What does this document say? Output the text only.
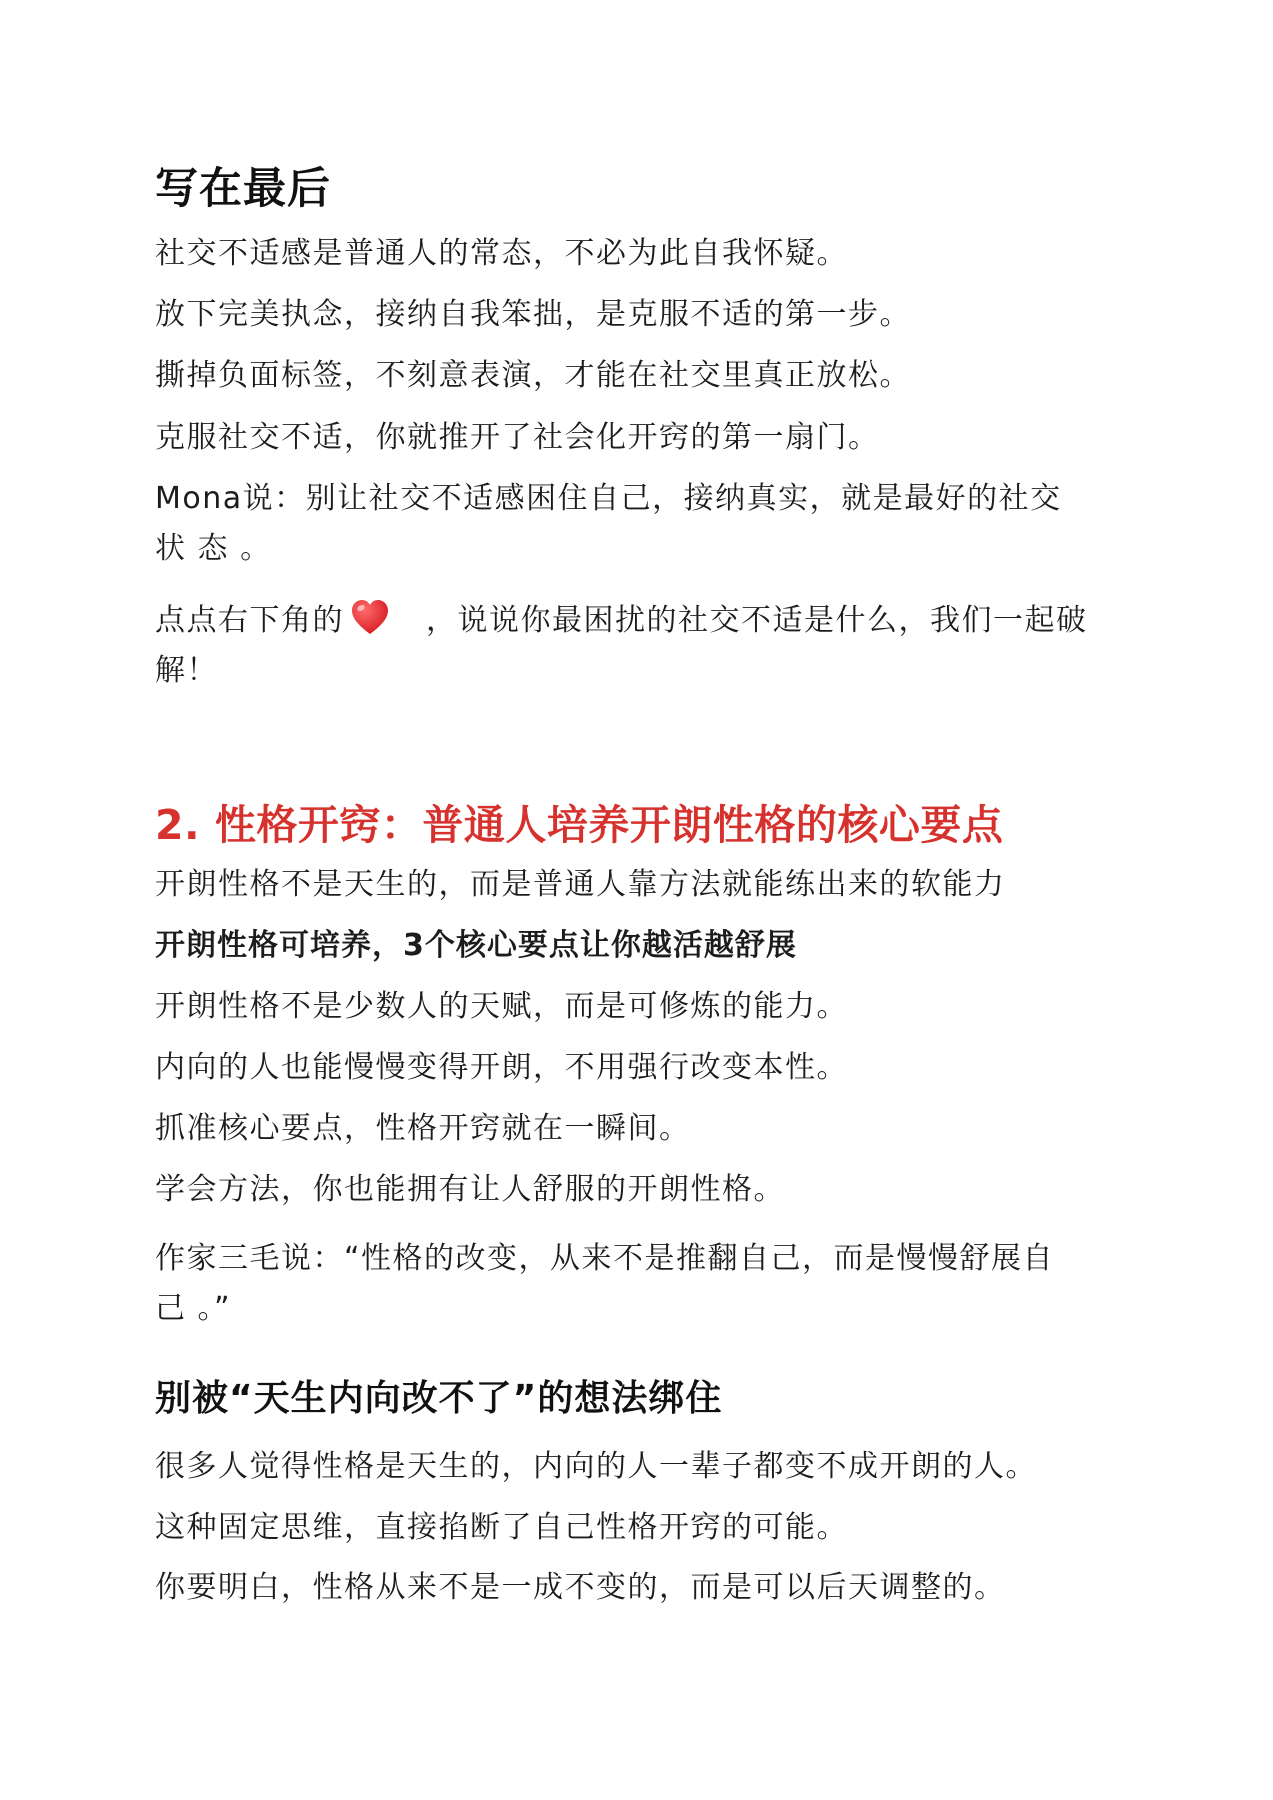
写在最后
社交不适感是普通人的常态，不必为此自我怀疑。
放下完美执念，接纳自我笨拙，是克服不适的第一步。
撕掉负面标签，不刻意表演，才能在社交里真正放松。
克服社交不适，你就推开了社会化开窍的第一扇门。
Mona说：别让社交不适感困住自己，接纳真实，就是最好的社交 状 态 。
点点右下角的	，说说你最困扰的社交不适是什么，我们一起破解！
2. 性格开窍：普通人培养开朗性格的核心要点
开朗性格不是天生的，而是普通人靠方法就能练出来的软能力
开朗性格可培养，3个核心要点让你越活越舒展
开朗性格不是少数人的天赋，而是可修炼的能力。
内向的人也能慢慢变得开朗，不用强行改变本性。
抓准核心要点，性格开窍就在一瞬间。
学会方法，你也能拥有让人舒服的开朗性格。
作家三毛说：“性格的改变，从来不是推翻自己，而是慢慢舒展自 己 。”
别被“天生内向改不了”的想法绑住
很多人觉得性格是天生的，内向的人一辈子都变不成开朗的人。
这种固定思维，直接掐断了自己性格开窍的可能。
你要明白，性格从来不是一成不变的，而是可以后天调整的。
